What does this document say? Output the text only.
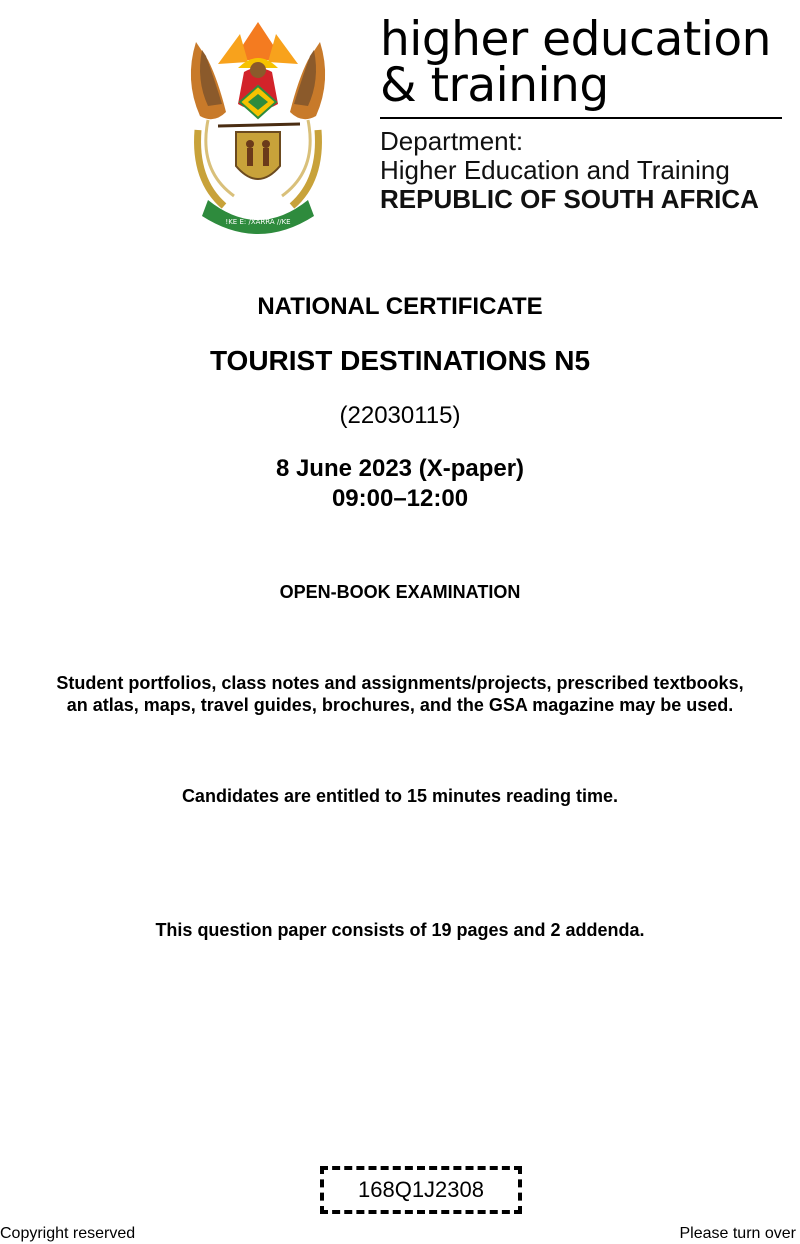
!KE E: /XARRA //KE
higher education
& training
Department:
Higher Education and Training
REPUBLIC OF SOUTH AFRICA
NATIONAL CERTIFICATE
TOURIST DESTINATIONS N5
(22030115)
8 June 2023 (X-paper)
09:00–12:00
OPEN-BOOK EXAMINATION
Student portfolios, class notes and assignments/projects, prescribed textbooks,
an atlas, maps, travel guides, brochures, and the GSA magazine may be used.
Candidates are entitled to 15 minutes reading time.
This question paper consists of 19 pages and 2 addenda.
168Q1J2308
Copyright reserved	Please turn over
